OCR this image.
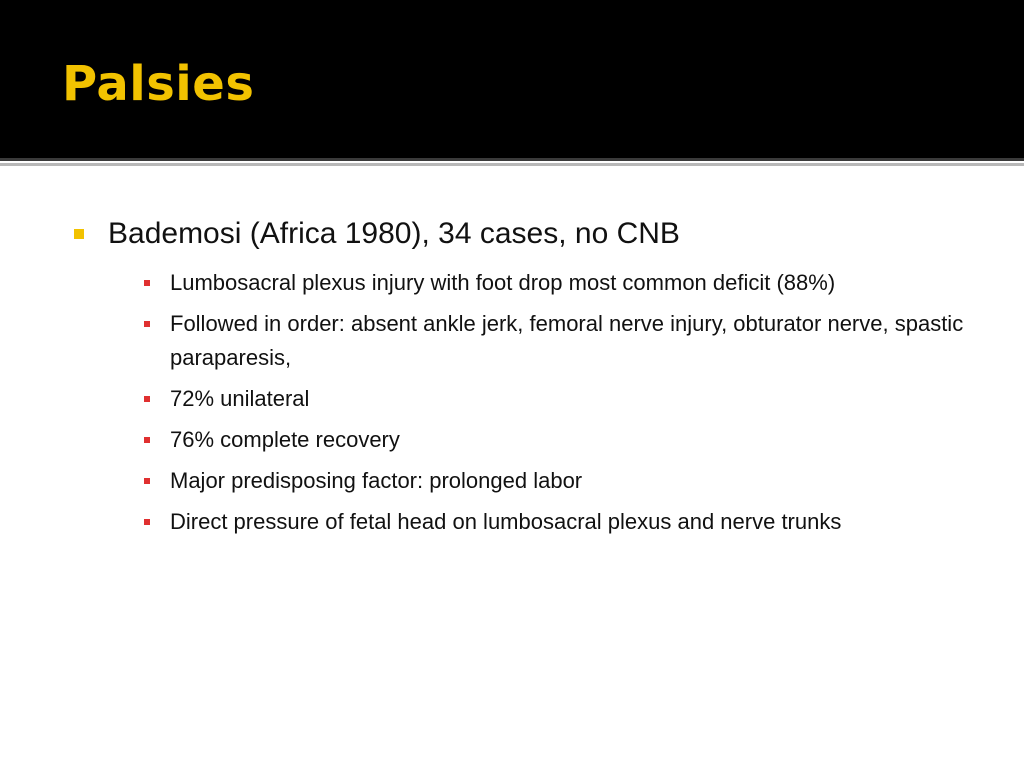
Palsies
Bademosi (Africa 1980), 34 cases, no CNB
Lumbosacral plexus injury with foot drop most common deficit (88%)
Followed in order: absent ankle jerk, femoral nerve injury, obturator nerve, spastic paraparesis,
72% unilateral
76% complete recovery
Major predisposing factor: prolonged labor
Direct pressure of fetal head on lumbosacral plexus and nerve trunks
